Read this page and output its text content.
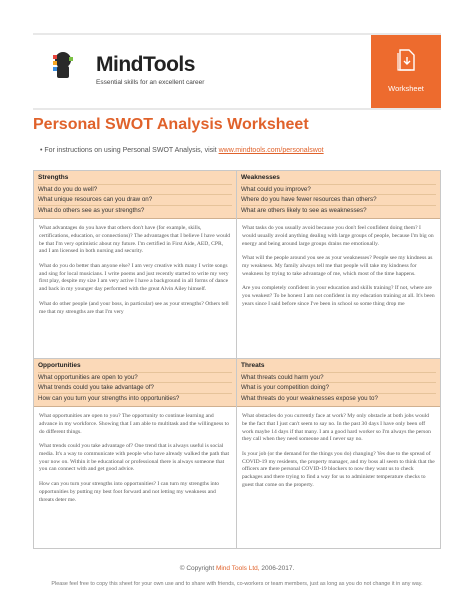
MindTools
Essential skills for an excellent career
Worksheet
Personal SWOT Analysis Worksheet
• For instructions on using Personal SWOT Analysis, visit www.mindtools.com/personalswot
Strengths
What do you do well?
What unique resources can you draw on?
What do others see as your strengths?

What advantages do you have that others don't have (for example, skills, certifications, education, or connections)? The advantages that I believe I have would be that I'm very optimistic about my future. I'm certified in First Aide, AED, CPR, and I am licensed in both nursing and security.

What do you do better than anyone else? I am very creative with many I write songs and sing for local musicians. I write poems and just recently started to write my very first play, despite my size I am very active I have a background in all forms of dance and back in my younger day performed with the great Alvin Ailey himself.

What do other people (and your boss, in particular) see as your strengths? Others tell me that my strengths are that I'm very

Weaknesses
What could you improve?
Where do you have fewer resources than others?
What are others likely to see as weaknesses?

What tasks do you usually avoid because you don't feel confident doing them? I would usually avoid anything dealing with large groups of people, because I'm big on energy and being around large groups drains me emotionally.

What will the people around you see as your weaknesses? People see my kindness as my weakness. My family always tell me that people will take my kindness for weakness by trying to take advantage of me, which most of the time happens.

Are you completely confident in your education and skills training? If not, where are you weakest? To be honest I am not confident in my education training at all. It's been years since I said before since I've been in school so some thing drop me

Opportunities
What opportunities are open to you?
What trends could you take advantage of?
How can you turn your strengths into opportunities?

What opportunities are open to you? The opportunity to continue learning and advance in my workforce. Showing that I am able to multitask and the willingness to do different things.

What trends could you take advantage of? One trend that is always useful is social media. It's a way to communicate with people who have already walked the path that your now on. Within it be educational or professional there is always someone that you can connect with and get good advice.

How can you turn your strengths into opportunities? I can turn my strengths into opportunities by putting my best foot forward and not letting my weakness and threats deter me.

Threats
What threats could harm you?
What is your competition doing?
What threats do your weaknesses expose you to?

What obstacles do you currently face at work? My only obstacle at both jobs would be the fact that I just can't seem to say no. In the past 30 days I have only been off work maybe 14 days if that many. I am a good hard worker so I'm always the person they call when they need someone and I never say no.

Is your job (or the demand for the things you do) changing? Yes due to the spread of COVID-19 my residents, the property manager, and my boss all seem to think that the officers are there personal COVID-19 blockers to now they want us to check packages and there trying to find a way for us to administer temperature checks to guest that come on the property.

© Copyright Mind Tools Ltd, 2006-2017.
Please feel free to copy this sheet for your own use and to share with friends, co-workers or team members, just as long as you do not change it in any way.
